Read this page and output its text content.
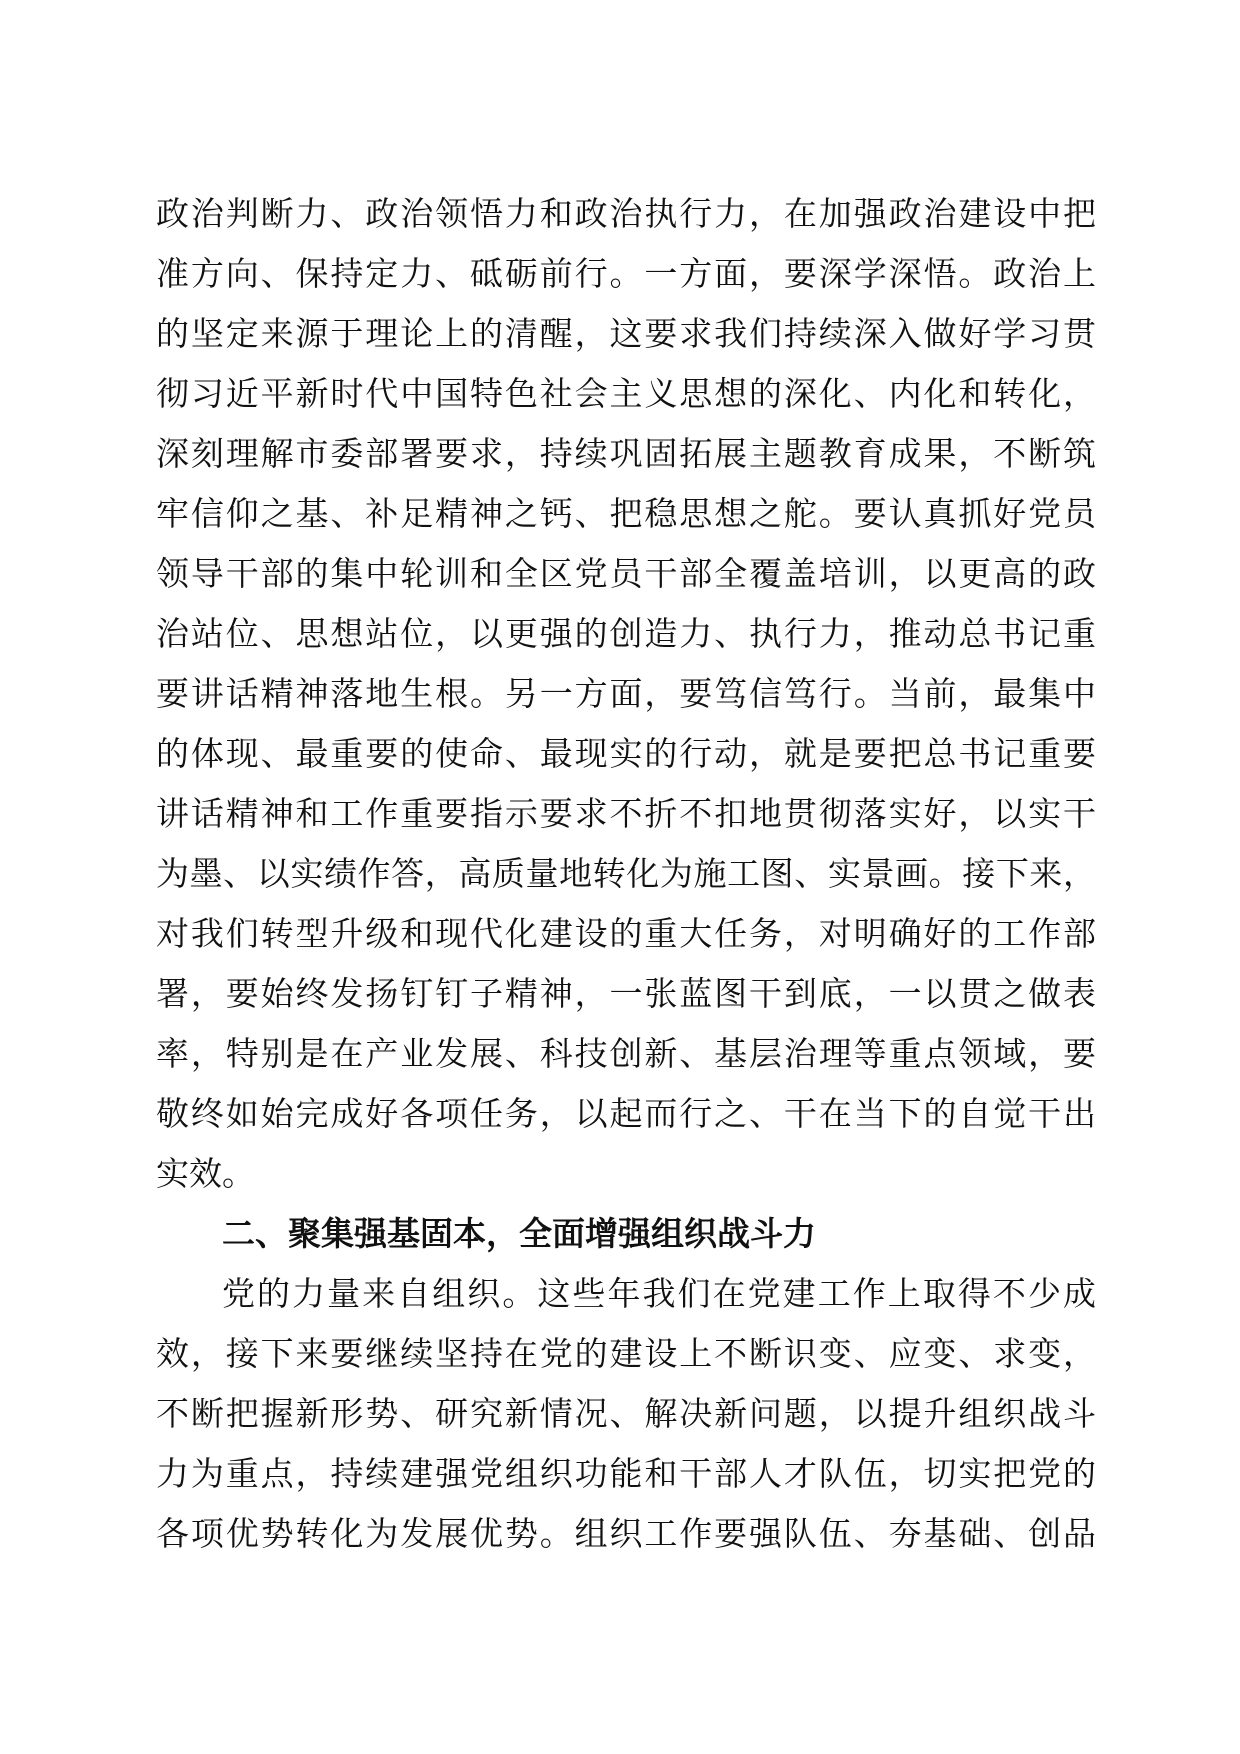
政治判断力、政治领悟力和政治执行力，在加强政治建设中把
准方向、保持定力、砥砺前行。一方面，要深学深悟。政治上
的坚定来源于理论上的清醒，这要求我们持续深入做好学习贯
彻习近平新时代中国特色社会主义思想的深化、内化和转化，
深刻理解市委部署要求，持续巩固拓展主题教育成果，不断筑
牢信仰之基、补足精神之钙、把稳思想之舵。要认真抓好党员
领导干部的集中轮训和全区党员干部全覆盖培训，以更高的政
治站位、思想站位，以更强的创造力、执行力，推动总书记重
要讲话精神落地生根。另一方面，要笃信笃行。当前，最集中
的体现、最重要的使命、最现实的行动，就是要把总书记重要
讲话精神和工作重要指示要求不折不扣地贯彻落实好，以实干
为墨、以实绩作答，高质量地转化为施工图、实景画。接下来，
对我们转型升级和现代化建设的重大任务，对明确好的工作部
署，要始终发扬钉钉子精神，一张蓝图干到底，一以贯之做表
率，特别是在产业发展、科技创新、基层治理等重点领域，要
敬终如始完成好各项任务，以起而行之、干在当下的自觉干出
实效。
二、聚集强基固本，全面增强组织战斗力
党的力量来自组织。这些年我们在党建工作上取得不少成
效，接下来要继续坚持在党的建设上不断识变、应变、求变，
不断把握新形势、研究新情况、解决新问题，以提升组织战斗
力为重点，持续建强党组织功能和干部人才队伍，切实把党的
各项优势转化为发展优势。组织工作要强队伍、夯基础、创品
